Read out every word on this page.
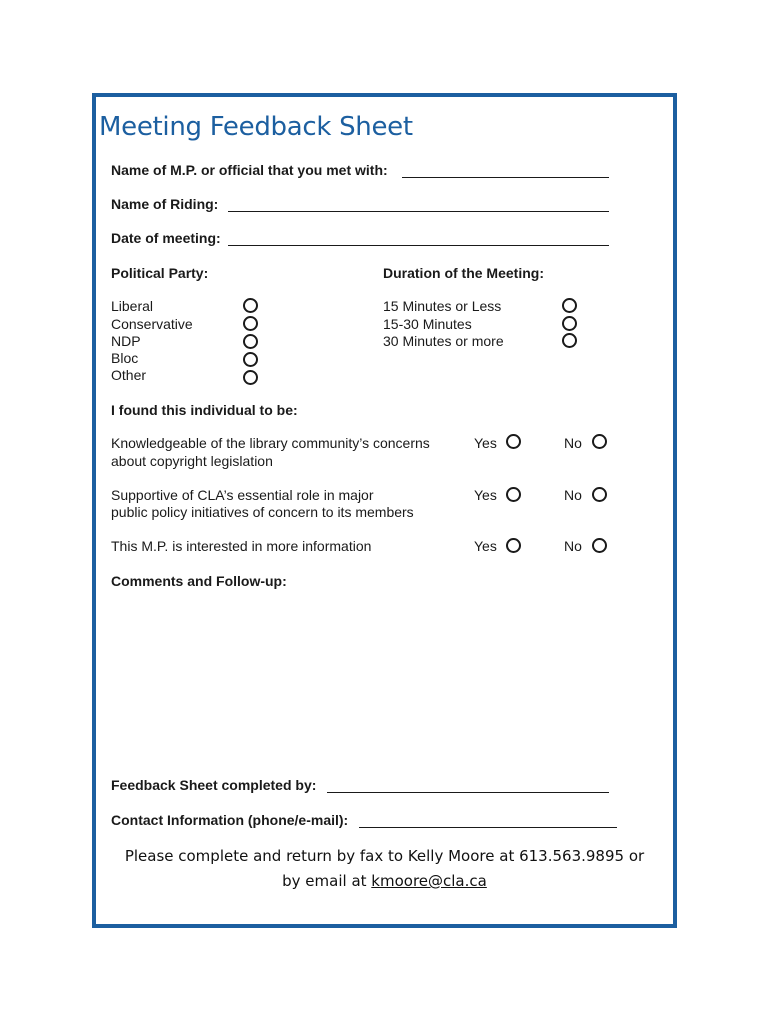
Meeting Feedback Sheet
Name of M.P. or official that you met with:
Name of Riding:
Date of meeting:
Political Party:
Liberal
Conservative
NDP
Bloc
Other
Duration of the Meeting:
15 Minutes or Less
15-30 Minutes
30 Minutes or more
I found this individual to be:
Knowledgeable of the library community’s concerns
about copyright legislation
Yes	No
Supportive of CLA’s essential role in major
public policy initiatives of concern to its members
Yes	No
This M.P. is interested in more information	Yes	No
Comments and Follow-up:
Feedback Sheet completed by:
Contact Information (phone/e-mail):
Please complete and return by fax to Kelly Moore at 613.563.9895 or
by email at kmoore@cla.ca
